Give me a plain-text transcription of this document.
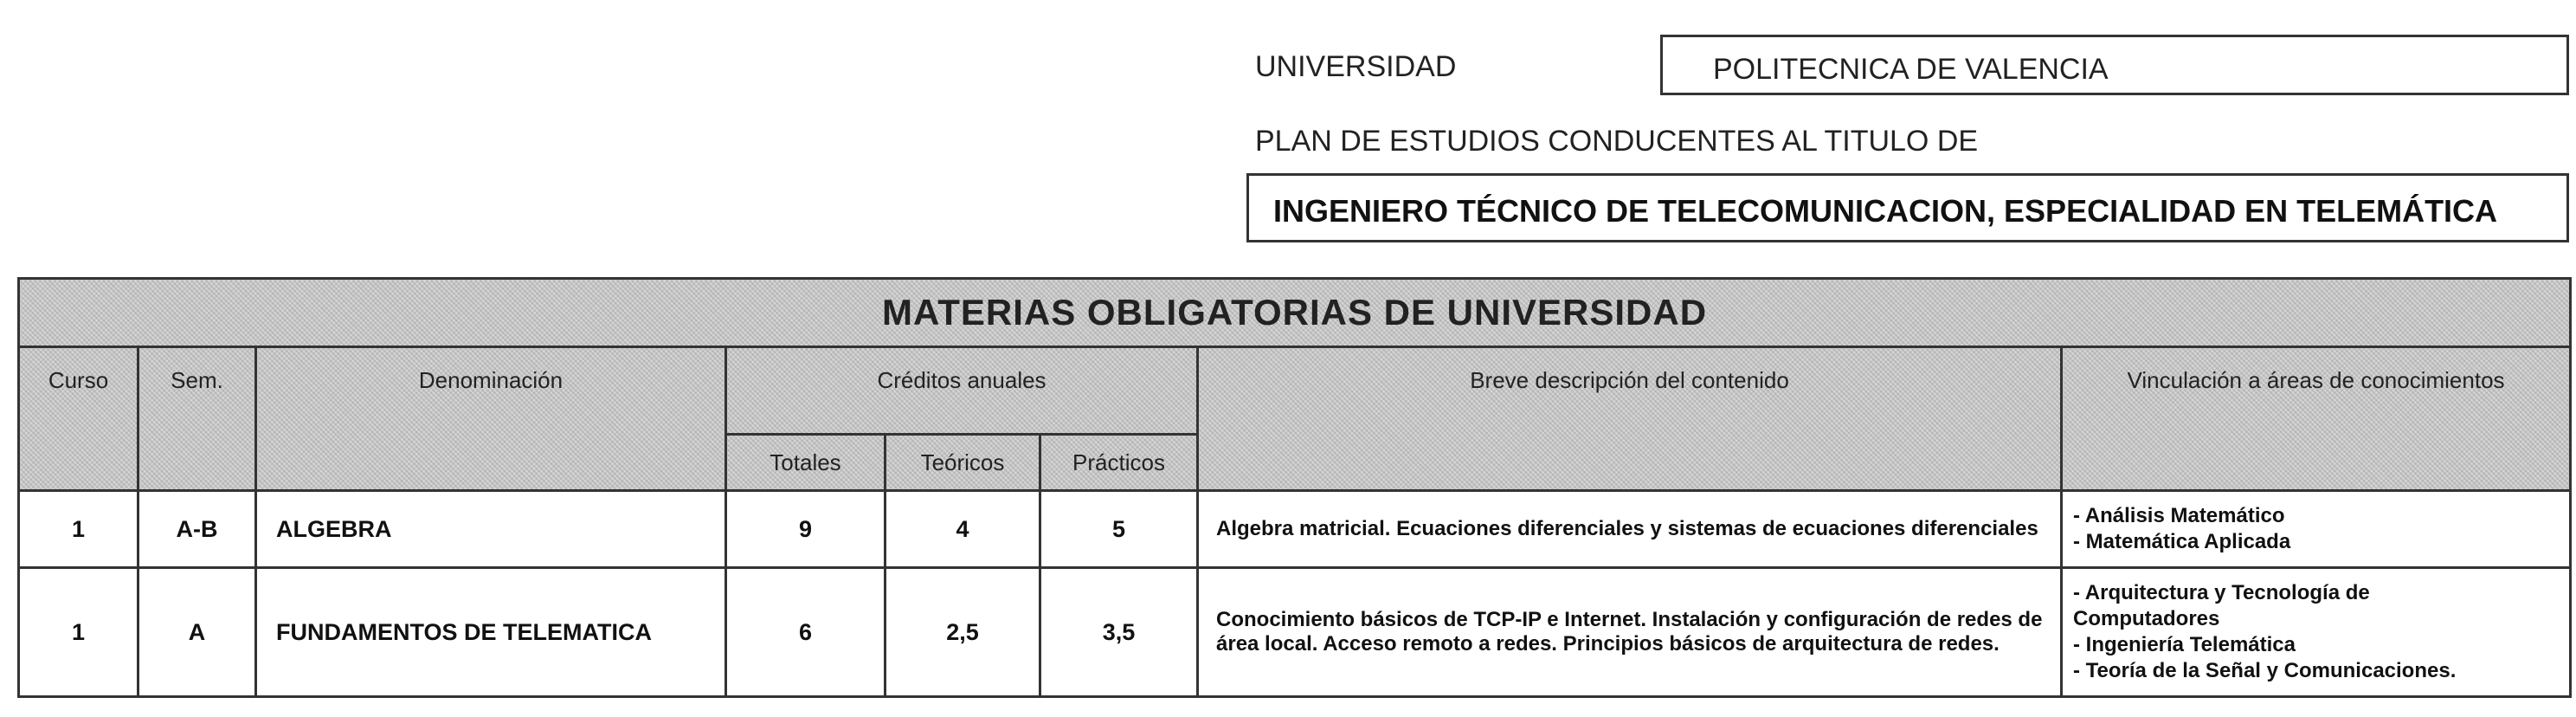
UNIVERSIDAD	POLITECNICA DE VALENCIA
PLAN DE ESTUDIOS CONDUCENTES AL TITULO DE
INGENIERO TÉCNICO DE TELECOMUNICACION, ESPECIALIDAD EN TELEMÁTICA
MATERIAS OBLIGATORIAS DE UNIVERSIDAD							
Curso	Sem.	Denominación	Créditos anuales			Breve descripción del contenido	Vinculación a áreas de conocimientos
			Totales	Teóricos	Prácticos		
1	A-B	ALGEBRA	9	4	5	Algebra matricial. Ecuaciones diferenciales y sistemas de ecuaciones diferenciales	- Análisis Matemático
- Matemática Aplicada

1	A	FUNDAMENTOS DE TELEMATICA	6	2,5	3,5	Conocimiento básicos de TCP-IP e Internet. Instalación y configuración de redes de área local. Acceso remoto a redes. Principios básicos de arquitectura de redes.	- Arquitectura y Tecnología de
Computadores
- Ingeniería Telemática
- Teoría de la Señal y Comunicaciones.
